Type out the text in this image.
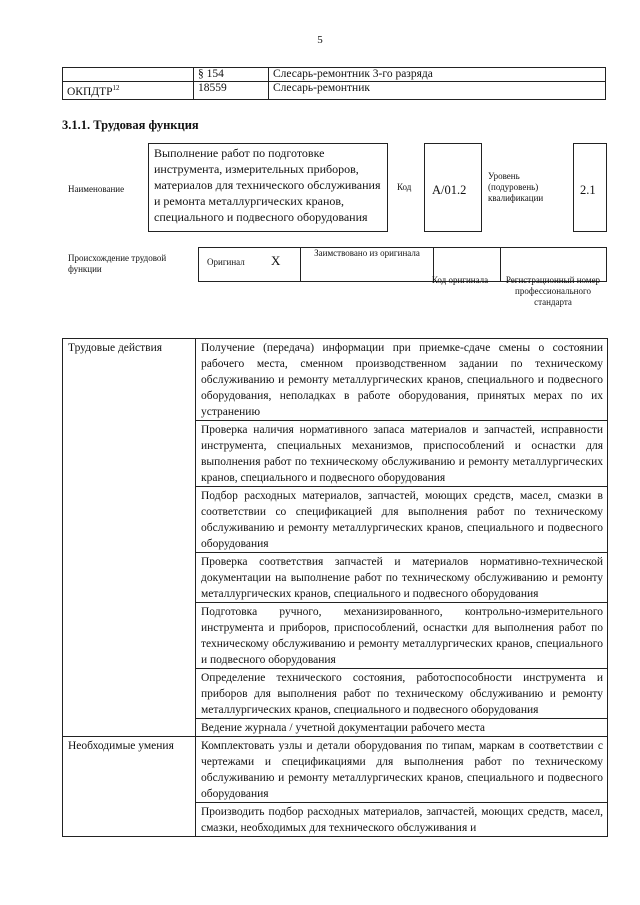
5
	§ 154	Слесарь-ремонтник 3-го разряда
ОКПДТР$^{12}$	18559	Слесарь-ремонтник
3.1.1. Трудовая функция
Наименование
Выполнение работ по подготовке инструмента, измерительных приборов, материалов для технического обслуживания и ремонта металлургических кранов, специального и подвесного оборудования
Код	A/01.2
Уровень (подуровень) квалификации
2.1
Происхождение трудовой функции
Оригинал	X	Заимствовано из оригинала		
Код оригинала	Регистрационный номер профессионального стандарта
Трудовые действия	Получение (передача) информации при приемке-сдаче смены о состоянии рабочего места, сменном производственном задании по техническому обслуживанию и ремонту металлургических кранов, специального и подвесного оборудования, неполадках в работе оборудования, принятых мерах по их устранению
	Проверка наличия нормативного запаса материалов и запчастей, исправности инструмента, специальных механизмов, приспособлений и оснастки для выполнения работ по техническому обслуживанию и ремонту металлургических кранов, специального и подвесного оборудования
	Подбор расходных материалов, запчастей, моющих средств, масел, смазки в соответствии со спецификацией для выполнения работ по техническому обслуживанию и ремонту металлургических кранов, специального и подвесного оборудования
	Проверка соответствия запчастей и материалов нормативно-технической документации на выполнение работ по техническому обслуживанию и ремонту металлургических кранов, специального и подвесного оборудования
	Подготовка ручного, механизированного, контрольно-измерительного инструмента и приборов, приспособлений, оснастки для выполнения работ по техническому обслуживанию и ремонту металлургических кранов, специального и подвесного оборудования
	Определение технического состояния, работоспособности инструмента и приборов для выполнения работ по техническому обслуживанию и ремонту металлургических кранов, специального и подвесного оборудования
	Ведение журнала / учетной документации рабочего места
Необходимые умения	Комплектовать узлы и детали оборудования по типам, маркам в соответствии с чертежами и спецификациями для выполнения работ по техническому обслуживанию и ремонту металлургических кранов, специального и подвесного оборудования
	Производить подбор расходных материалов, запчастей, моющих средств, масел, смазки, необходимых для технического обслуживания и
